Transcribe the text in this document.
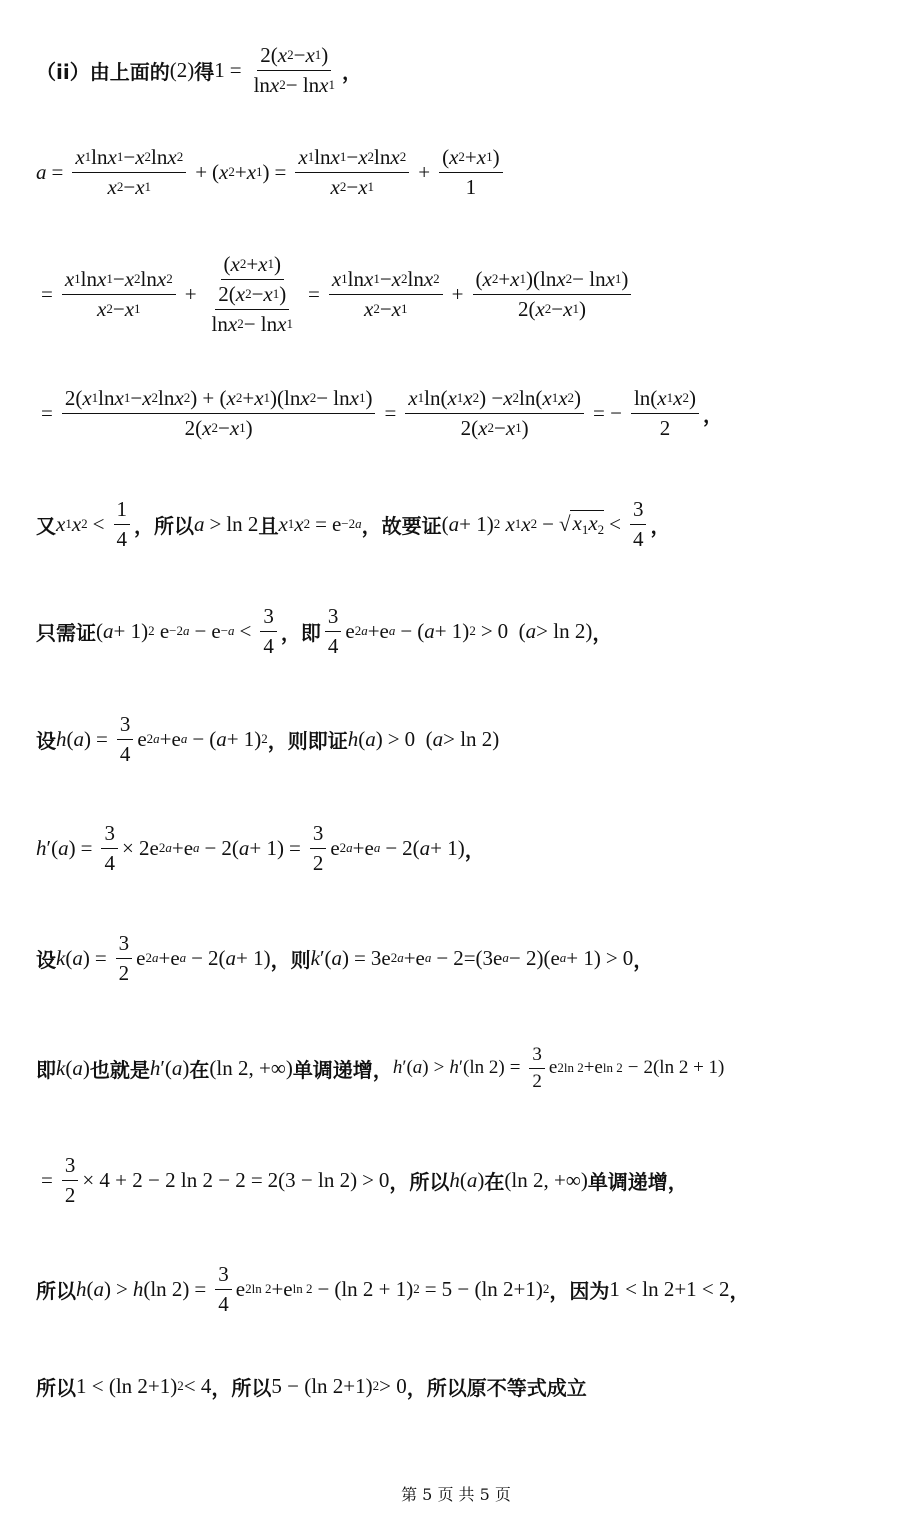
（ii）由上面的 (2) 得 $1 = \frac{2( x 2 - x 1 )}{\text{ln x 2 − ln x 1}}$ ，
$a = \frac{\text{x 1 ln x 1 − x 2 ln x 2}}{x 2 - x 1}$ + ( x 2 + x 1 ) = $\frac{\text{x 1 ln x 1 − x 2 ln x 2}}{x 2 - x 1} + \frac{( x 2 + x 1 )}{1}$
= $\frac{\text{x 1 ln x 1 − x 2 ln x 2}}{x 2 - x 1} + \frac{( x 2 + x 1 )}{\frac{2( x 2 - x 1 )}{\text{ln x 2 − ln x 1}}} = \frac{\text{x 1 ln x 1 − x 2 ln x 2}}{x 2 - x 1} + \frac{\text{( x 2 + x 1 )(ln x 2 − ln x 1 )}}{2( x 2 - x 1 )}$
= $\frac{\text{2( x 1 ln x 1 − x 2 ln x 2 ) + ( x 2 + x 1 )(ln x 2 − ln x 1 )}}{2( x 2 - x 1 )} = \frac{x 1 \ln( x 1 x 2 ) - x 2 \ln( x 1 x 2 )}{2( x 2 - x 1 )}$ = − $\frac{\ln( x 1 x 2 )}{2}$ ，
又 x 1 x $2 < \frac{1}{4}$ ，所以 a > ln 2 且 x 1 x 2 = e −2a ，故要证 ( a + 1) 2
x 1 x 2 − √ $x_1x_2 < \frac{3}{4}$ ，
只需证 ( a + 1) 2 $e -2a - e -a < \frac{3}{4}$ ，即 $\frac{3}{4}$ e 2a +e a − ( a + 1) 2 > 0  ( a > ln 2) ，
设 h ( a ) = $\frac{3}{4}$ e 2a +e a − ( a + 1) 2 ，则即证 h ( a ) > 0  ( a > ln 2)
h ′( a ) = $\frac{3}{4} \times 2e$ 2a +e a − 2( $a + 1) = \frac{3}{2}$ e 2a +e a − 2( a + 1) ，
设 k ( a ) = $\frac{3}{2}$ e 2a +e a − 2( a + 1) ，则 k ′( a ) = 3e 2a +e a − 2=(3e a − 2)(e a + 1) > 0 ，
即 k ( a ) 也就是 h ′( a ) 在 (ln 2, +∞) 单调递增， h ′( a ) > h ′(ln $2) = \frac{3}{2}$ e 2ln 2 +e ln 2 − 2(ln 2 + 1)
= $\frac{3}{2} \times 4 + 2 - 2$ ln 2 − 2 = 2(3 − ln 2) > 0 ，所以 h ( a ) 在 (ln 2, +∞) 单调递增，
所以 h ( a ) > h (ln $2) = \frac{3}{4}$ e 2ln 2 +e ln 2 − (ln 2 + 1) 2 = 5 − (ln 2+1) 2 ，因为 1 < ln 2+1 < 2 ，
所以 1 < (ln 2+1) 2 < 4 ，所以 5 − (ln 2+1) 2 > 0 ，所以原不等式成立
第 5 页 共 5 页
